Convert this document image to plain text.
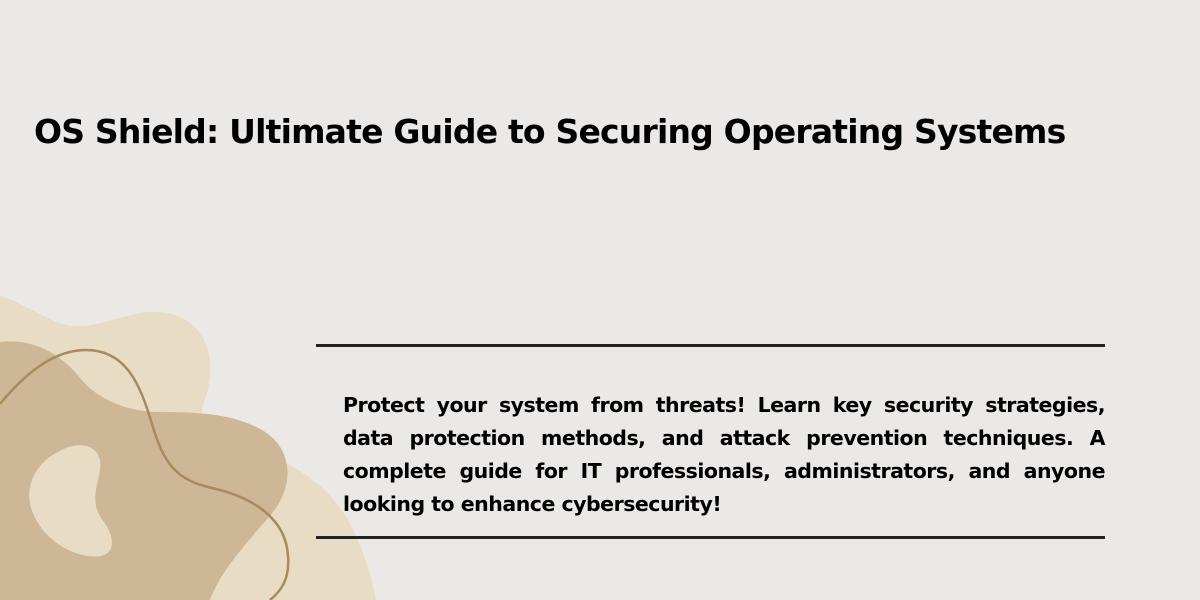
OS Shield: Ultimate Guide to Securing Operating Systems

Protect your system from threats! Learn key security strategies, data protection methods, and attack prevention techniques. A complete guide for IT professionals, administrators, and anyone looking to enhance cybersecurity!
